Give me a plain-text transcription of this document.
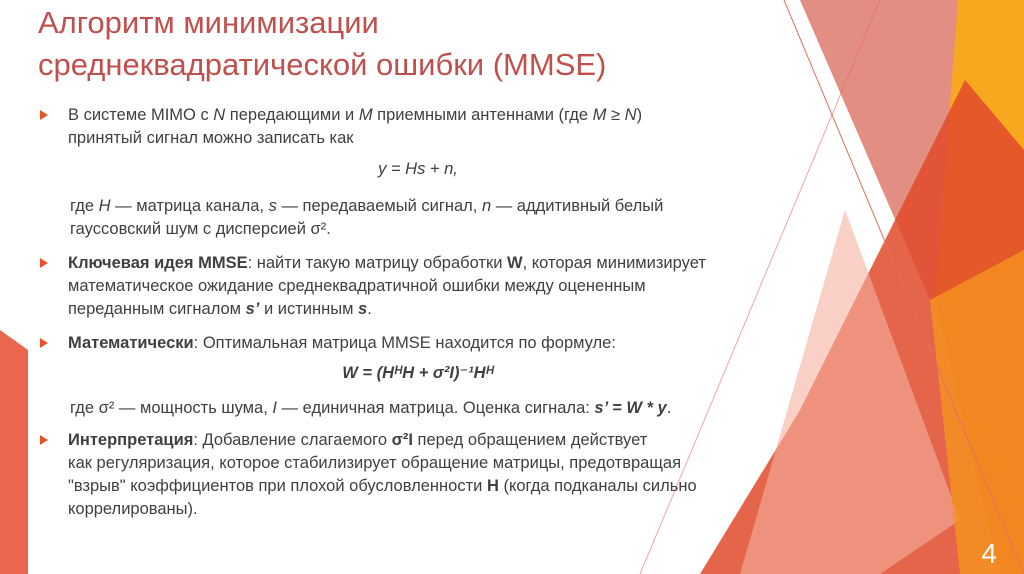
Алгоритм минимизации
среднеквадратической ошибки (MMSE)

В системе MIMO с N передающими и M приемными антеннами (где M ≥ N)
принятый сигнал можно записать как

y = Hs + n,

где H — матрица канала, s — передаваемый сигнал, n — аддитивный белый
гауссовский шум с дисперсией σ².

Ключевая идея MMSE: найти такую матрицу обработки W, которая минимизирует
математическое ожидание среднеквадратичной ошибки между оцененным
переданным сигналом s’ и истинным s.

Математически: Оптимальная матрица MMSE находится по формуле:

W = (HᴴH + σ²I)⁻¹Hᴴ

где σ² — мощность шума, I — единичная матрица. Оценка сигнала: s’ = W * y.

Интерпретация: Добавление слагаемого σ²I перед обращением действует
как регуляризация, которое стабилизирует обращение матрицы, предотвращая
"взрыв" коэффициентов при плохой обусловленности H (когда подканалы сильно
коррелированы).

4
